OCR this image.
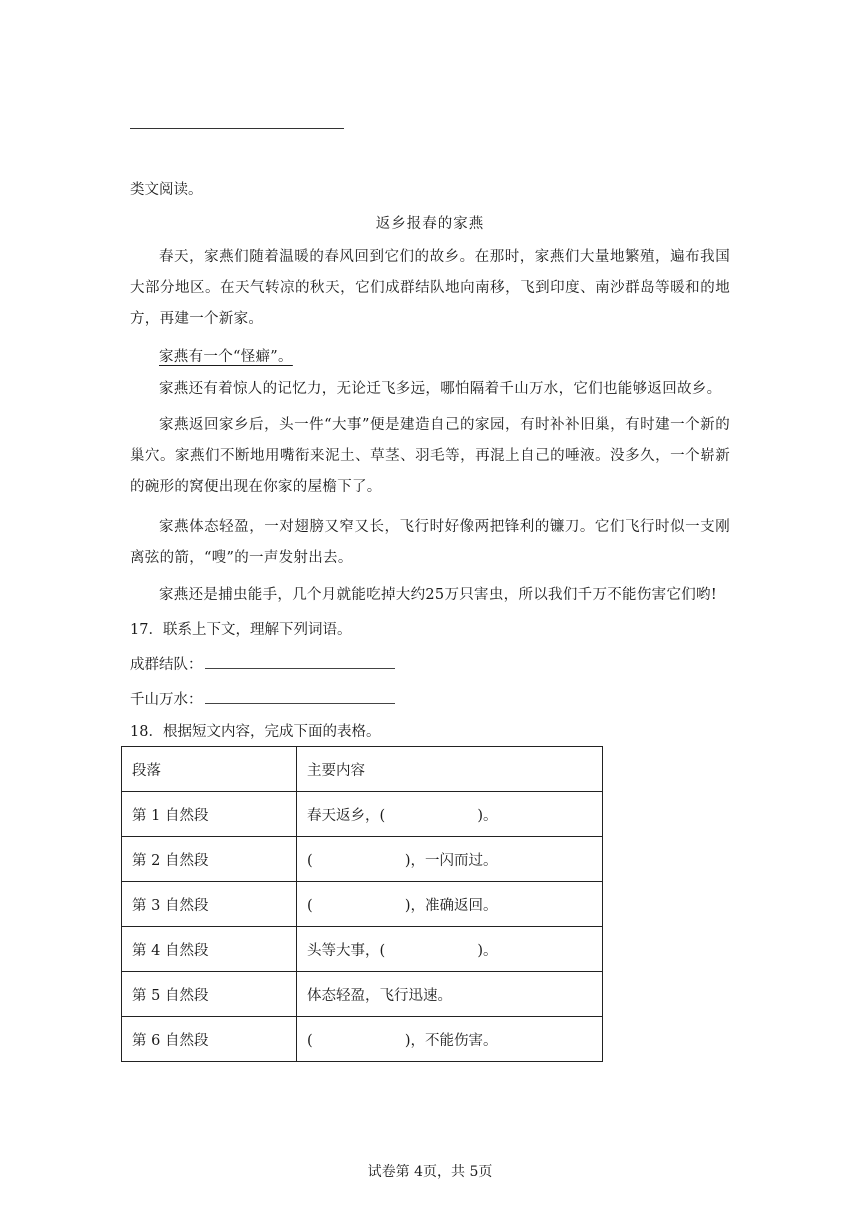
类文阅读。
返乡报春的家燕
春天，家燕们随着温暖的春风回到它们的故乡。在那时，家燕们大量地繁殖，遍布我国大部分地区。在天气转凉的秋天，它们成群结队地向南移，飞到印度、南沙群岛等暖和的地方，再建一个新家。
家燕有一个“怪癖”。
家燕还有着惊人的记忆力，无论迁飞多远，哪怕隔着千山万水，它们也能够返回故乡。
家燕返回家乡后，头一件“大事”便是建造自己的家园，有时补补旧巢，有时建一个新的巢穴。家燕们不断地用嘴衔来泥土、草茎、羽毛等，再混上自己的唾液。没多久，一个崭新的碗形的窝便出现在你家的屋檐下了。
家燕体态轻盈，一对翅膀又窄又长，飞行时好像两把锋利的镰刀。它们飞行时似一支刚离弦的箭，“嗖”的一声发射出去。
家燕还是捕虫能手，几个月就能吃掉大约25万只害虫，所以我们千万不能伤害它们哟!
17．联系上下文，理解下列词语。
成群结队：
千山万水：
18．根据短文内容，完成下面的表格。
段落	主要内容
第 1 自然段	春天返乡，(                    )。
第 2 自然段	(                    )，一闪而过。
第 3 自然段	(                    )，准确返回。
第 4 自然段	头等大事，(                    )。
第 5 自然段	体态轻盈，飞行迅速。
第 6 自然段	(                    )，不能伤害。
试卷第 4页，共 5页
